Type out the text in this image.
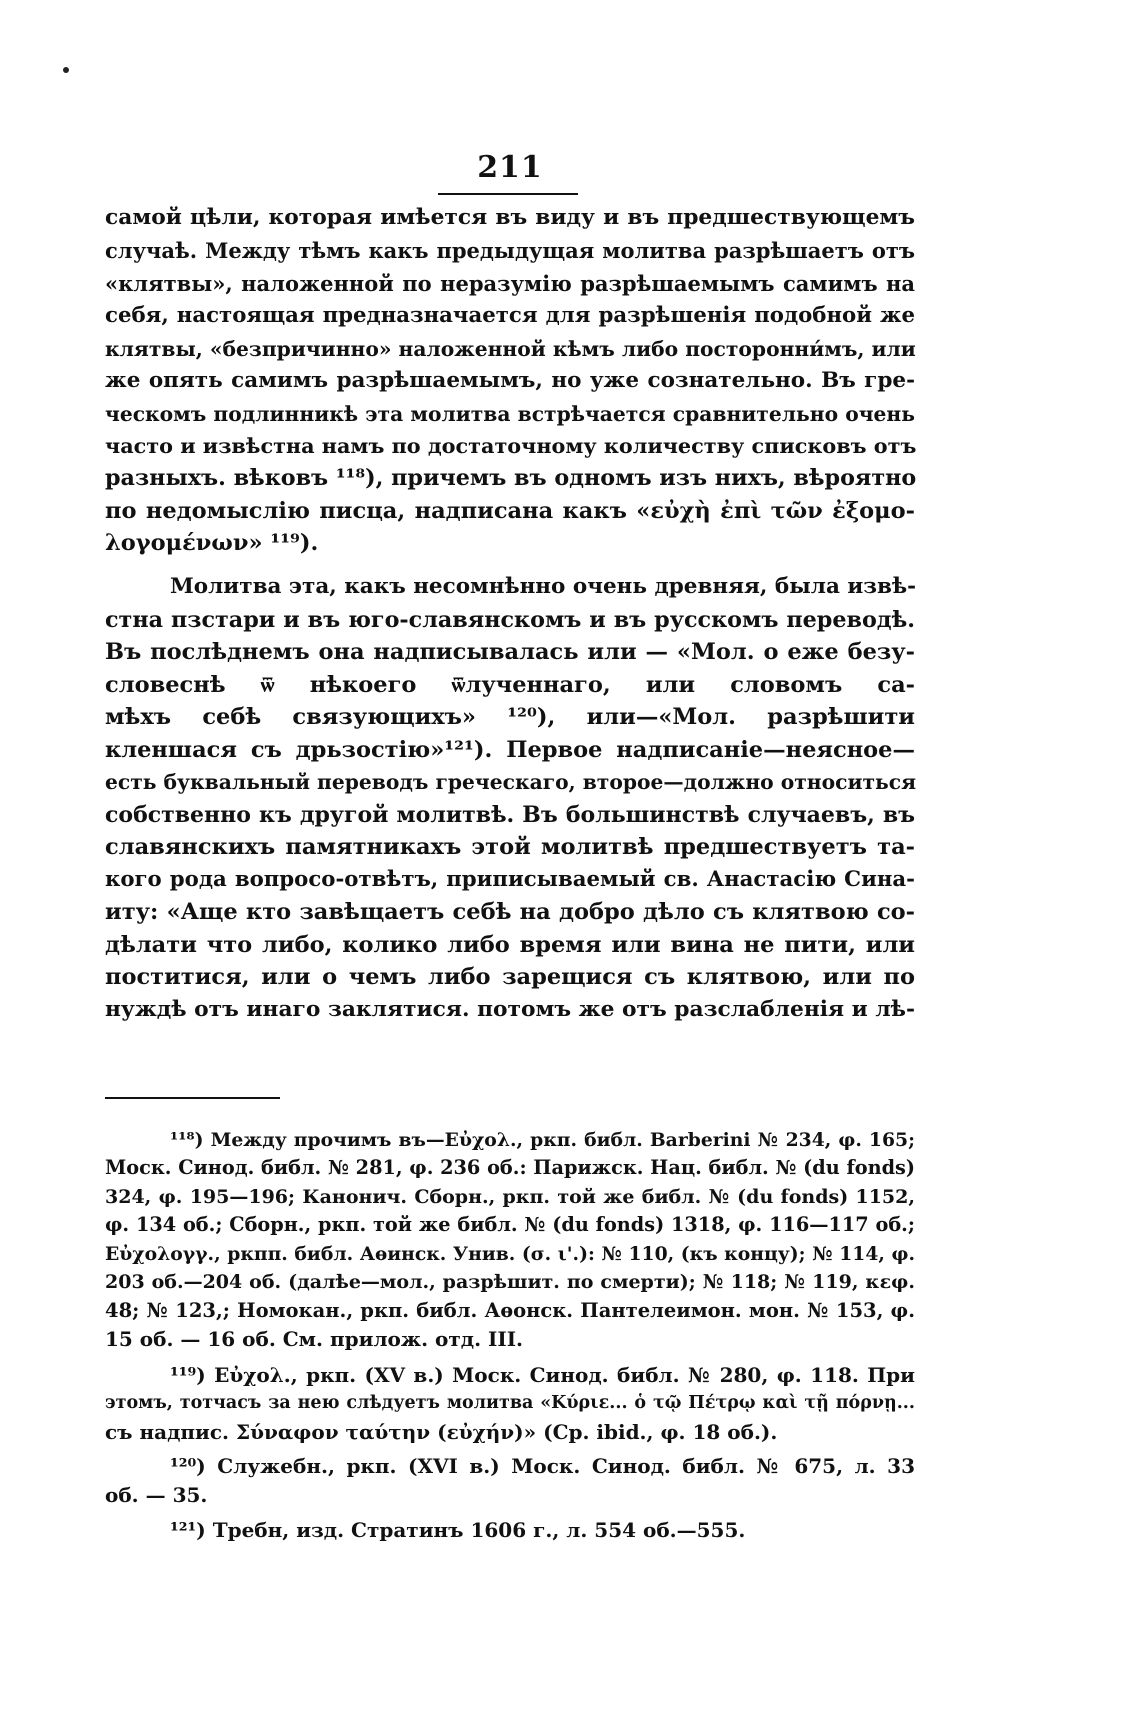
211
самой цѣли, которая имѣется въ виду и въ предшествующемъ
случаѣ. Между тѣмъ какъ предыдущая молитва разрѣшаетъ отъ
«клятвы», наложенной по неразумію разрѣшаемымъ самимъ на
себя, настоящая предназначается для разрѣшенія подобной же
клятвы, «безпричинно» наложенной кѣмъ либо посторонни́мъ, или
же опять самимъ разрѣшаемымъ, но уже сознательно. Въ гре-
ческомъ подлинникѣ эта молитва встрѣчается сравнительно очень
часто и извѣстна намъ по достаточному количеству списковъ отъ
разныхъ. вѣковъ ¹¹⁸), причемъ въ одномъ изъ нихъ, вѣроятно
по недомыслію писца, надписана какъ «εὐχὴ ἐπὶ τῶν ἐξομο-
λογομένων» ¹¹⁹).
Молитва эта, какъ несомнѣнно очень древняя, была извѣ-
стна пзстари и въ юго-славянскомъ и въ русскомъ переводѣ.
Въ послѣднемъ она надписывалась или — «Мол. о еже безу-
словеснѣ ѿ нѣкоего ѿлученнаго, или словомъ са-
мѣхъ себѣ связующихъ» ¹²⁰), или—«Мол. разрѣшити
кленшася съ дрьзостію»¹²¹). Первое надписаніе—неясное—
есть буквальный переводъ греческаго, второе—должно относиться
собственно къ другой молитвѣ. Въ большинствѣ случаевъ, въ
славянскихъ памятникахъ этой молитвѣ предшествуетъ та-
кого рода вопросо-отвѣтъ, приписываемый св. Анастасію Сина-
иту: «Аще кто завѣщаетъ себѣ на добро дѣло съ клятвою со-
дѣлати что либо, колико либо время или вина не пити, или
поститися, или о чемъ либо зарещися съ клятвою, или по
нуждѣ отъ инаго заклятися. потомъ же отъ разслабленія и лѣ-
¹¹⁸) Между прочимъ въ—Εὐχολ., ркп. библ. Barberini № 234, φ. 165;
Моск. Синод. библ. № 281, φ. 236 об.: Парижск. Нац. библ. № (du fonds)
324, φ. 195—196; Канонич. Сборн., ркп. той же библ. № (du fonds) 1152,
φ. 134 об.; Сборн., ркп. той же библ. № (du fonds) 1318, φ. 116—117 об.;
Εὐχολογγ., ркпп. библ. Аѳинск. Унив. (σ. ι'.): № 110, (къ концу); № 114, φ.
203 об.—204 об. (далѣе—мол., разрѣшит. по смерти); № 118; № 119, κεφ.
48; № 123,; Номокан., ркп. библ. Аѳонск. Пантелеимон. мон. № 153, φ.
15 об. — 16 об. См. прилож. отд. III.
¹¹⁹) Εὐχολ., ркп. (XV в.) Моск. Синод. библ. № 280, φ. 118. При
этомъ, тотчасъ за нею слѣдуетъ молитва «Κύριε... ὁ τῷ Πέτρῳ καὶ τῇ πόρνῃ...
съ надпис. Σύναφον ταύτην (εὐχήν)» (Ср. ibid., φ. 18 об.).
¹²⁰) Служебн., ркп. (XVI в.) Моск. Синод. библ. № 675, л. 33
об. — 35.
¹²¹) Требн, изд. Стратинъ 1606 г., л. 554 об.—555.
